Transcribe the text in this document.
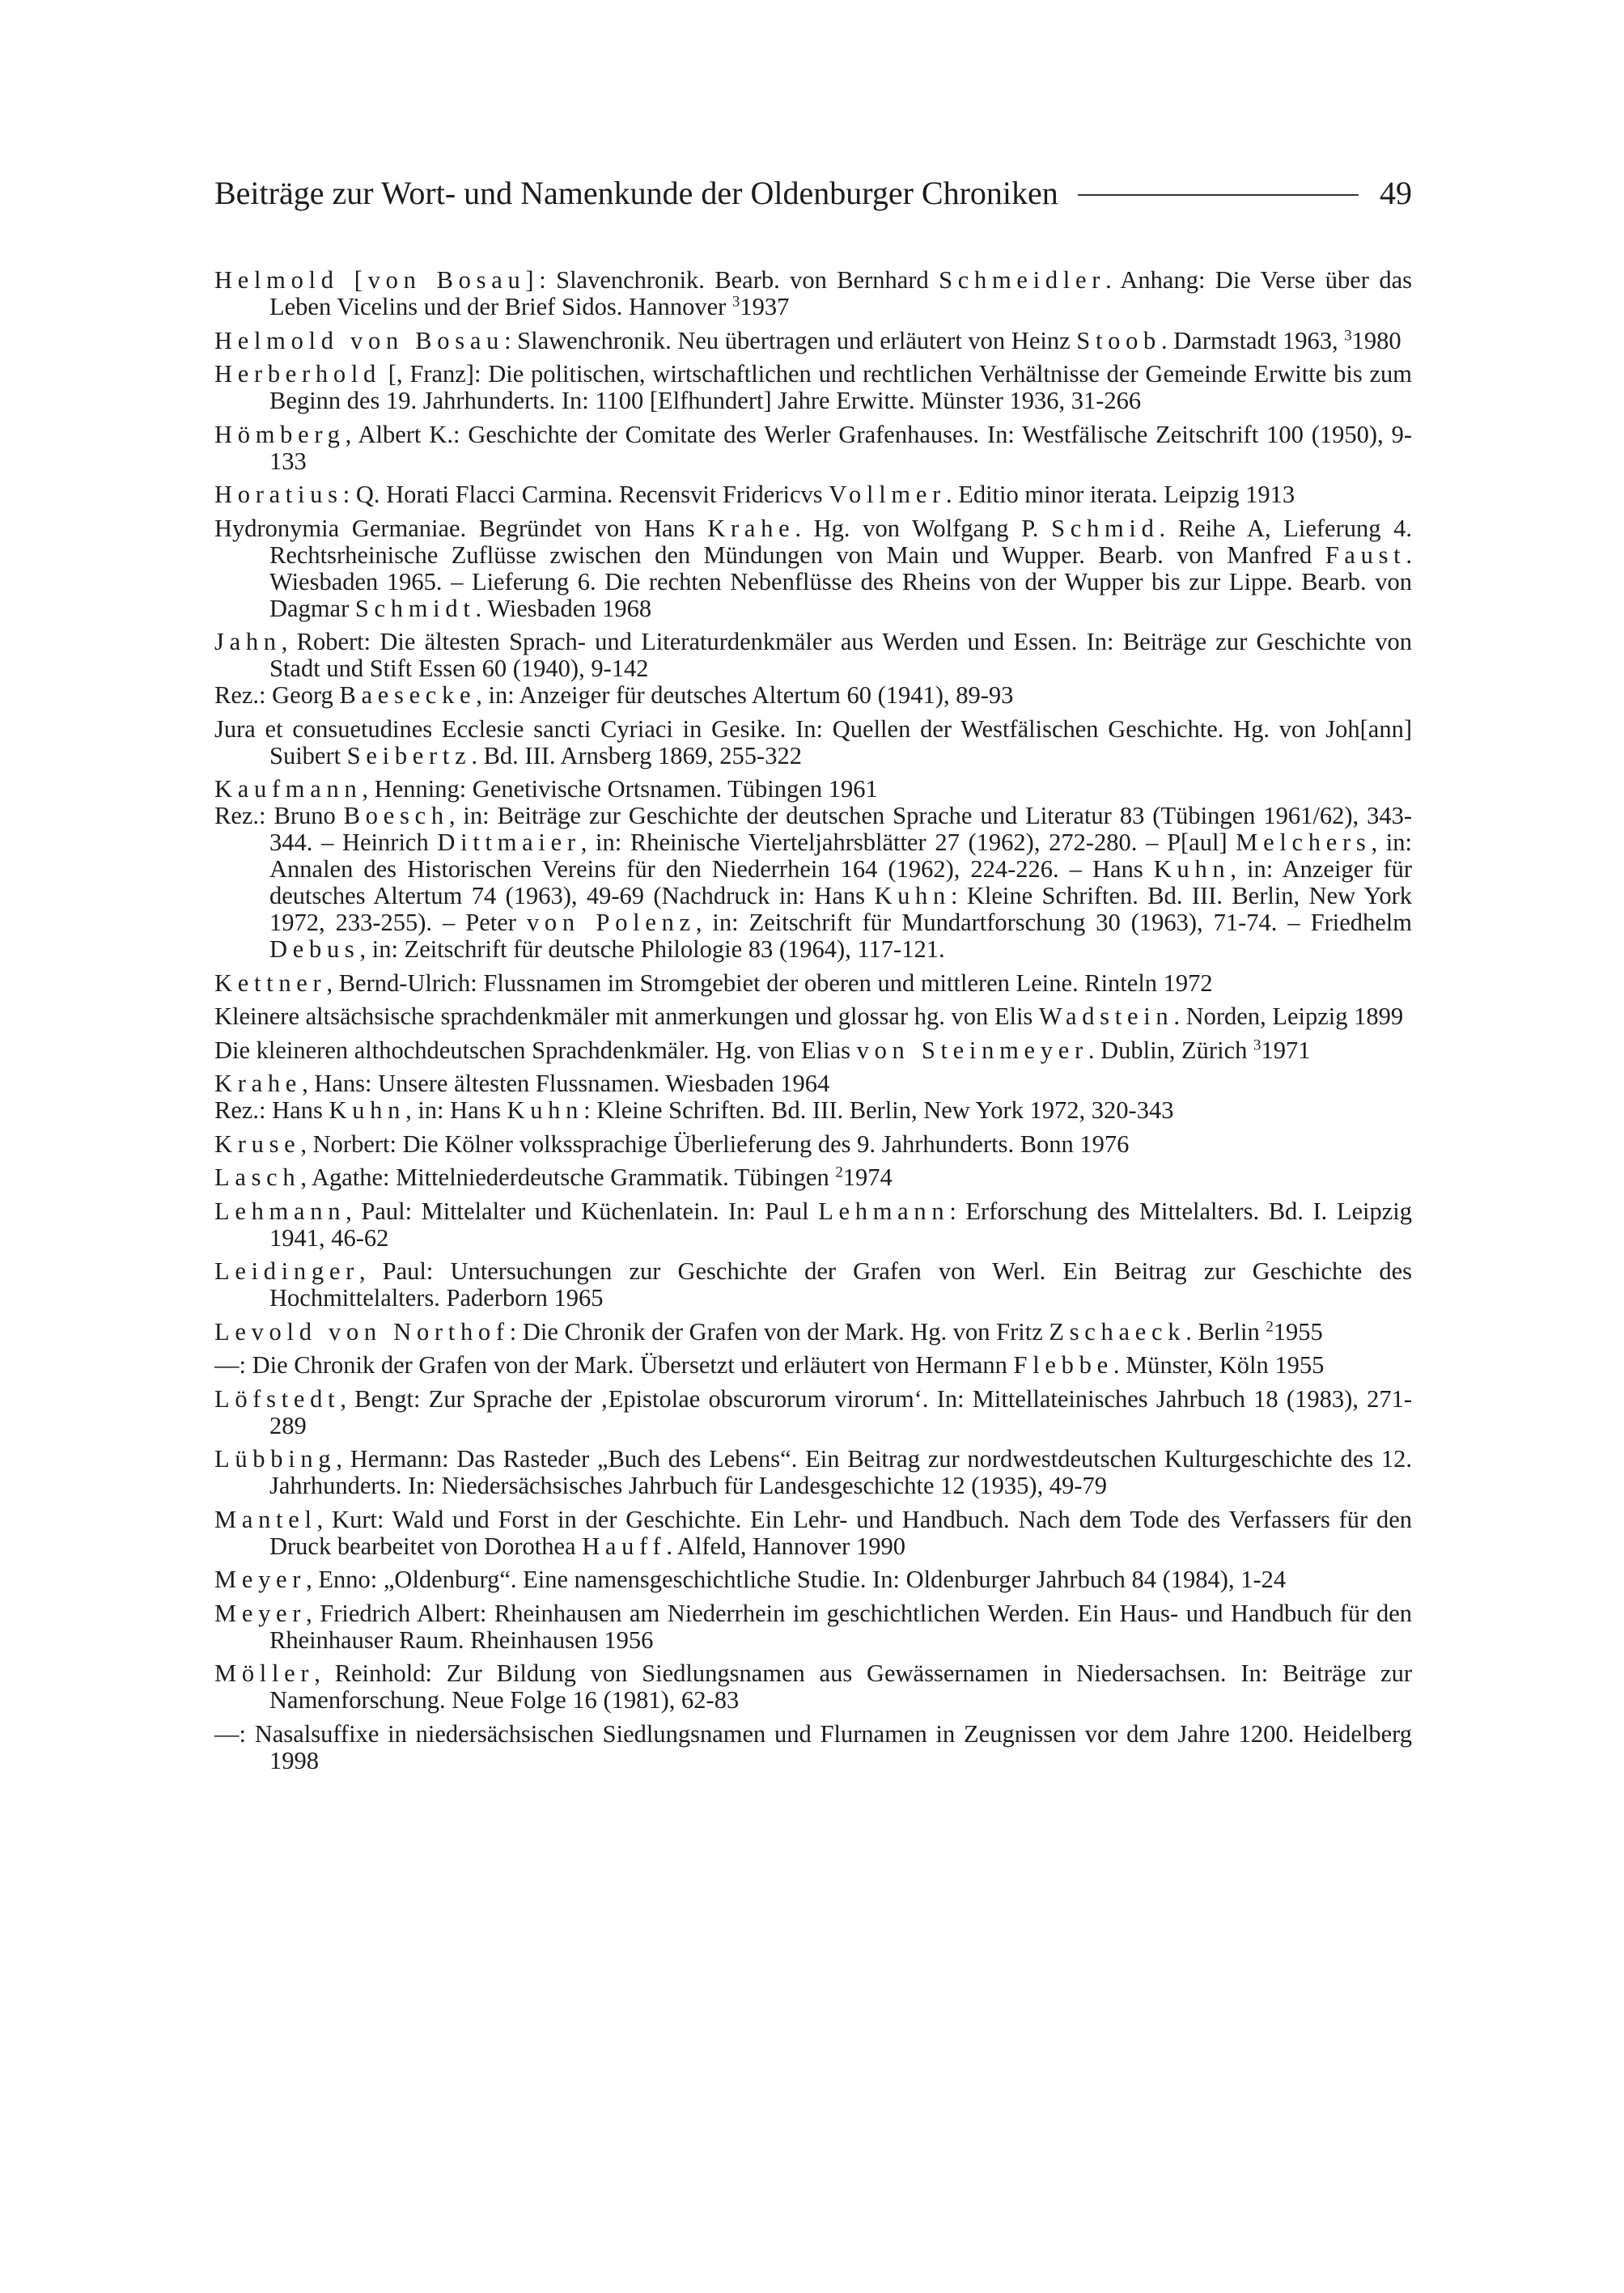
Beiträge zur Wort- und Namenkunde der Oldenburger Chroniken	49
Helmold [von Bosau]: Slavenchronik. Bearb. von Bernhard Schmeidler. Anhang: Die Verse über das Leben Vicelins und der Brief Sidos. Hannover $^3$1937
Helmold von Bosau: Slawenchronik. Neu übertragen und erläutert von Heinz Stoob. Darmstadt 1963, $^3$1980
Herberhold [, Franz]: Die politischen, wirtschaftlichen und rechtlichen Verhältnisse der Gemeinde Erwitte bis zum Beginn des 19. Jahrhunderts. In: 1100 [Elfhundert] Jahre Erwitte. Münster 1936, 31-266
Hömberg, Albert K.: Geschichte der Comitate des Werler Grafenhauses. In: Westfälische Zeitschrift 100 (1950), 9-133
Horatius: Q. Horati Flacci Carmina. Recensvit Fridericvs Vollmer. Editio minor iterata. Leipzig 1913
Hydronymia Germaniae. Begründet von Hans Krahe. Hg. von Wolfgang P. Schmid. Reihe A, Lieferung 4. Rechtsrheinische Zuflüsse zwischen den Mündungen von Main und Wupper. Bearb. von Manfred Faust. Wiesbaden 1965. – Lieferung 6. Die rechten Nebenflüsse des Rheins von der Wupper bis zur Lippe. Bearb. von Dagmar Schmidt. Wiesbaden 1968
Jahn, Robert: Die ältesten Sprach- und Literaturdenkmäler aus Werden und Essen. In: Beiträge zur Geschichte von Stadt und Stift Essen 60 (1940), 9-142
Rez.: Georg Baesecke, in: Anzeiger für deutsches Altertum 60 (1941), 89-93
Jura et consuetudines Ecclesie sancti Cyriaci in Gesike. In: Quellen der Westfälischen Geschichte. Hg. von Joh[ann] Suibert Seibertz. Bd. III. Arnsberg 1869, 255-322
Kaufmann, Henning: Genetivische Ortsnamen. Tübingen 1961
Rez.: Bruno Boesch, in: Beiträge zur Geschichte der deutschen Sprache und Literatur 83 (Tübingen 1961/62), 343-344. – Heinrich Dittmaier, in: Rheinische Vierteljahrsblätter 27 (1962), 272-280. – P[aul] Melchers, in: Annalen des Historischen Vereins für den Niederrhein 164 (1962), 224-226. – Hans Kuhn, in: Anzeiger für deutsches Altertum 74 (1963), 49-69 (Nachdruck in: Hans Kuhn: Kleine Schriften. Bd. III. Berlin, New York 1972, 233-255). – Peter von Polenz, in: Zeitschrift für Mundartforschung 30 (1963), 71-74. – Friedhelm Debus, in: Zeitschrift für deutsche Philologie 83 (1964), 117-121.
Kettner, Bernd-Ulrich: Flussnamen im Stromgebiet der oberen und mittleren Leine. Rinteln 1972
Kleinere altsächsische sprachdenkmäler mit anmerkungen und glossar hg. von Elis Wadstein. Norden, Leipzig 1899
Die kleineren althochdeutschen Sprachdenkmäler. Hg. von Elias von Steinmeyer. Dublin, Zürich $^3$1971
Krahe, Hans: Unsere ältesten Flussnamen. Wiesbaden 1964
Rez.: Hans Kuhn, in: Hans Kuhn: Kleine Schriften. Bd. III. Berlin, New York 1972, 320-343
Kruse, Norbert: Die Kölner volkssprachige Überlieferung des 9. Jahrhunderts. Bonn 1976
Lasch, Agathe: Mittelniederdeutsche Grammatik. Tübingen $^2$1974
Lehmann, Paul: Mittelalter und Küchenlatein. In: Paul Lehmann: Erforschung des Mittelalters. Bd. I. Leipzig 1941, 46-62
Leidinger, Paul: Untersuchungen zur Geschichte der Grafen von Werl. Ein Beitrag zur Geschichte des Hochmittelalters. Paderborn 1965
Levold von Northof: Die Chronik der Grafen von der Mark. Hg. von Fritz Zschaeck. Berlin $^2$1955
—: Die Chronik der Grafen von der Mark. Übersetzt und erläutert von Hermann Flebbe. Münster, Köln 1955
Löfstedt, Bengt: Zur Sprache der ‚Epistolae obscurorum virorum‘. In: Mittellateinisches Jahrbuch 18 (1983), 271-289
Lübbing, Hermann: Das Rasteder „Buch des Lebens“. Ein Beitrag zur nordwestdeutschen Kulturgeschichte des 12. Jahrhunderts. In: Niedersächsisches Jahrbuch für Landesgeschichte 12 (1935), 49-79
Mantel, Kurt: Wald und Forst in der Geschichte. Ein Lehr- und Handbuch. Nach dem Tode des Verfassers für den Druck bearbeitet von Dorothea Hauff. Alfeld, Hannover 1990
Meyer, Enno: „Oldenburg“. Eine namensgeschichtliche Studie. In: Oldenburger Jahrbuch 84 (1984), 1-24
Meyer, Friedrich Albert: Rheinhausen am Niederrhein im geschichtlichen Werden. Ein Haus- und Handbuch für den Rheinhauser Raum. Rheinhausen 1956
Möller, Reinhold: Zur Bildung von Siedlungsnamen aus Gewässernamen in Niedersachsen. In: Beiträge zur Namenforschung. Neue Folge 16 (1981), 62-83
—: Nasalsuffixe in niedersächsischen Siedlungsnamen und Flurnamen in Zeugnissen vor dem Jahre 1200. Heidelberg 1998
